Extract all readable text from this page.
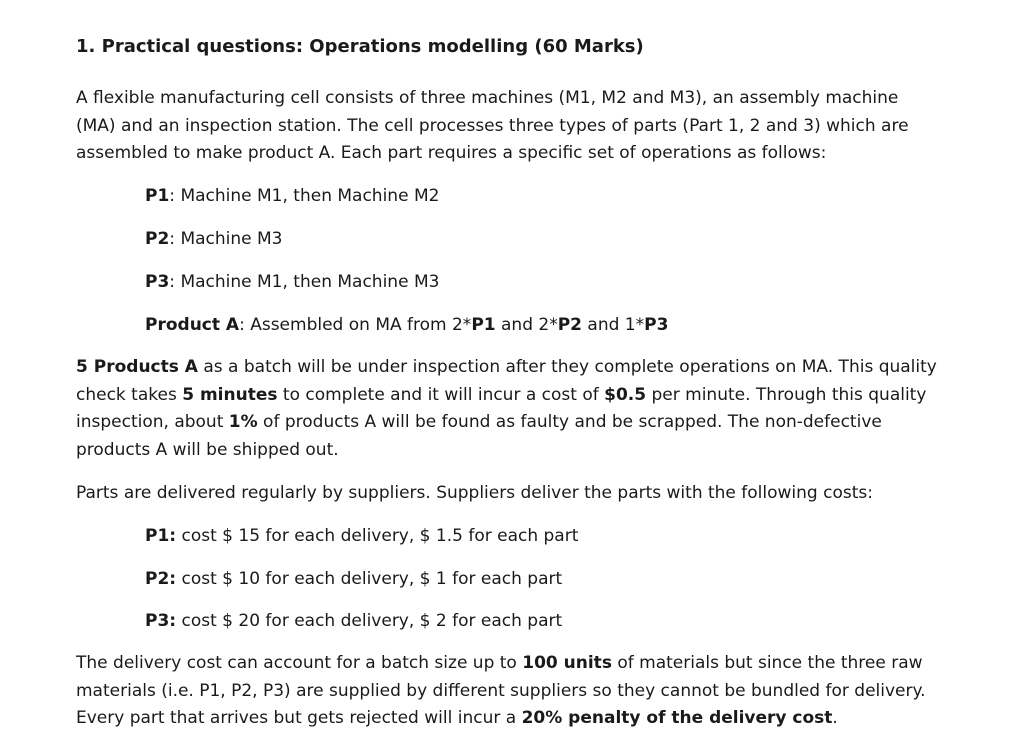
1. Practical questions: Operations modelling (60 Marks)
A flexible manufacturing cell consists of three machines (M1, M2 and M3), an assembly machine
(MA) and an inspection station. The cell processes three types of parts (Part 1, 2 and 3) which are
assembled to make product A. Each part requires a specific set of operations as follows:
P1: Machine M1, then Machine M2
P2: Machine M3
P3: Machine M1, then Machine M3
Product A: Assembled on MA from 2*P1 and 2*P2 and 1*P3
5 Products A as a batch will be under inspection after they complete operations on MA. This quality
check takes 5 minutes to complete and it will incur a cost of $0.5 per minute. Through this quality
inspection, about 1% of products A will be found as faulty and be scrapped. The non-defective
products A will be shipped out.
Parts are delivered regularly by suppliers. Suppliers deliver the parts with the following costs:
P1: cost $ 15 for each delivery, $ 1.5 for each part
P2: cost $ 10 for each delivery, $ 1 for each part
P3: cost $ 20 for each delivery, $ 2 for each part
The delivery cost can account for a batch size up to 100 units of materials but since the three raw
materials (i.e. P1, P2, P3) are supplied by different suppliers so they cannot be bundled for delivery.
Every part that arrives but gets rejected will incur a 20% penalty of the delivery cost.
